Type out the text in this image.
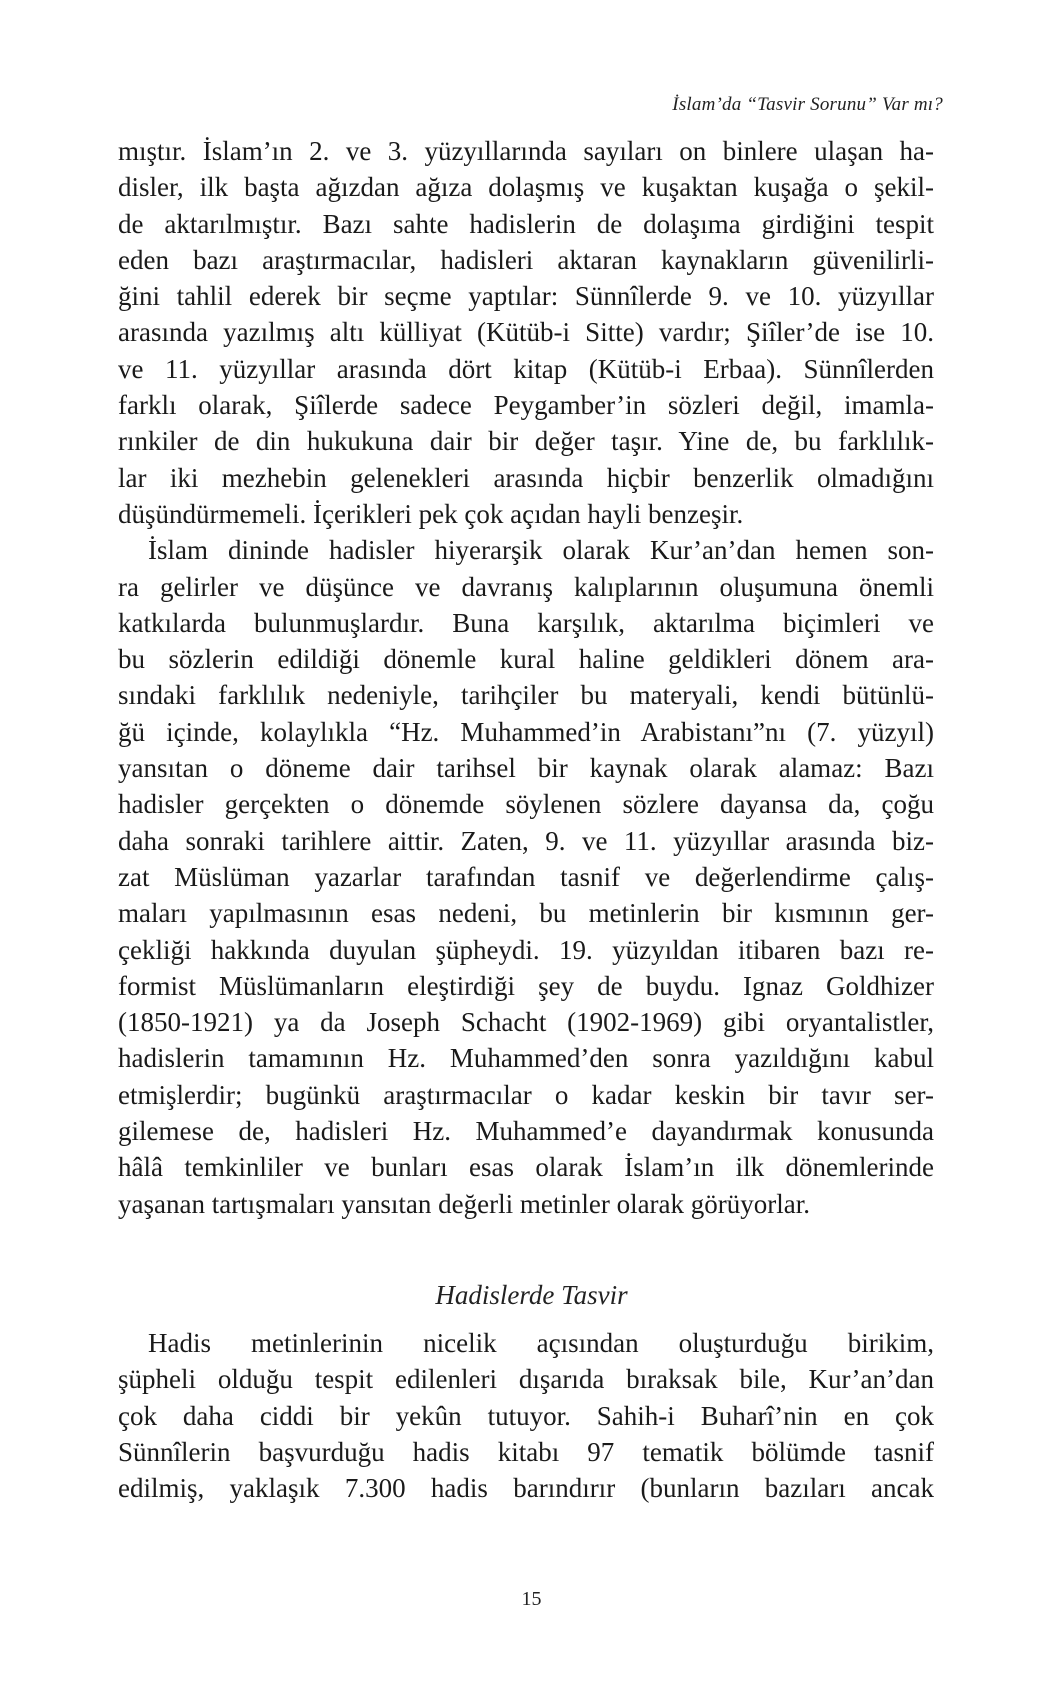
İslam’da “Tasvir Sorunu” Var mı?
mıştır. İslam’ın 2. ve 3. yüzyıllarında sayıları on binlere ulaşan ha-
disler, ilk başta ağızdan ağıza dolaşmış ve kuşaktan kuşağa o şekil-
de aktarılmıştır. Bazı sahte hadislerin de dolaşıma girdiğini tespit
eden bazı araştırmacılar, hadisleri aktaran kaynakların güvenilirli-
ğini tahlil ederek bir seçme yaptılar: Sünnîlerde 9. ve 10. yüzyıllar
arasında yazılmış altı külliyat (Kütüb-i Sitte) vardır; Şiîler’de ise 10.
ve 11. yüzyıllar arasında dört kitap (Kütüb-i Erbaa). Sünnîlerden
farklı olarak, Şiîlerde sadece Peygamber’in sözleri değil, imamla-
rınkiler de din hukukuna dair bir değer taşır. Yine de, bu farklılık-
lar iki mezhebin gelenekleri arasında hiçbir benzerlik olmadığını
düşündürmemeli. İçerikleri pek çok açıdan hayli benzeşir.
İslam dininde hadisler hiyerarşik olarak Kur’an’dan hemen son-
ra gelirler ve düşünce ve davranış kalıplarının oluşumuna önemli
katkılarda bulunmuşlardır. Buna karşılık, aktarılma biçimleri ve
bu sözlerin edildiği dönemle kural haline geldikleri dönem ara-
sındaki farklılık nedeniyle, tarihçiler bu materyali, kendi bütünlü-
ğü içinde, kolaylıkla “Hz. Muhammed’in Arabistanı”nı (7. yüzyıl)
yansıtan o döneme dair tarihsel bir kaynak olarak alamaz: Bazı
hadisler gerçekten o dönemde söylenen sözlere dayansa da, çoğu
daha sonraki tarihlere aittir. Zaten, 9. ve 11. yüzyıllar arasında biz-
zat Müslüman yazarlar tarafından tasnif ve değerlendirme çalış-
maları yapılmasının esas nedeni, bu metinlerin bir kısmının ger-
çekliği hakkında duyulan şüpheydi. 19. yüzyıldan itibaren bazı re-
formist Müslümanların eleştirdiği şey de buydu. Ignaz Goldhizer
(1850-1921) ya da Joseph Schacht (1902-1969) gibi oryantalistler,
hadislerin tamamının Hz. Muhammed’den sonra yazıldığını kabul
etmişlerdir; bugünkü araştırmacılar o kadar keskin bir tavır ser-
gilemese de, hadisleri Hz. Muhammed’e dayandırmak konusunda
hâlâ temkinliler ve bunları esas olarak İslam’ın ilk dönemlerinde
yaşanan tartışmaları yansıtan değerli metinler olarak görüyorlar.
Hadislerde Tasvir
Hadis metinlerinin nicelik açısından oluşturduğu birikim,
şüpheli olduğu tespit edilenleri dışarıda bıraksak bile, Kur’an’dan
çok daha ciddi bir yekûn tutuyor. Sahih-i Buharî’nin en çok
Sünnîlerin başvurduğu hadis kitabı 97 tematik bölümde tasnif
edilmiş, yaklaşık 7.300 hadis barındırır (bunların bazıları ancak
15
